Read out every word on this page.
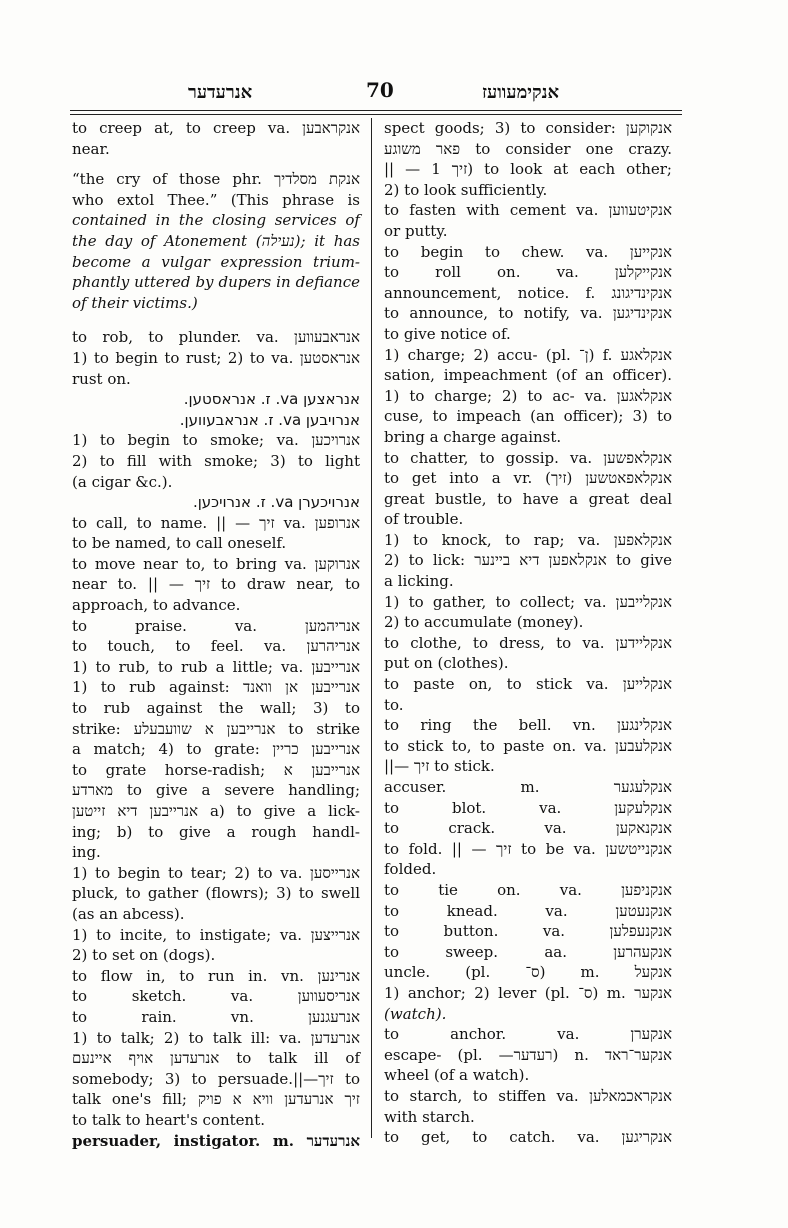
אנרעדער	70	אנקימעוועז
to creep at, to creep va. אנקראבען
near.
“the cry of those phr. אנקת מסלדיך
who extol Thee.” (This phrase is
contained in the closing services of
the day of Atonement (נעילה); it has
become a vulgar expression trium-
phantly uttered by dupers in defiance
of their victims.)
to rob, to plunder. va. אנראבעווען
1) to begin to rust; 2) to va. אנראסטען
rust on.
אנראצען va. ז. אנראסטען.
אנרויבען va. ז. אנראבעווען.
1) to begin to smoke; va. אנרויכען
2) to fill with smoke; 3) to light
(a cigar &c.).
אנרויכערן va. ז. אנרויכען.
to call, to name. || — זיך va. אנרופען
to be named, to call oneself.
to move near to, to bring va. אנרוקען
near to. || — זיך to draw near, to
approach, to advance.
to praise. va. אנריהמען
to touch, to feel. va. אנריהרען
1) to rub, to rub a little; va. אנרייבען
1) to rub against: אנרייבען אן וואנד
to rub against the wall; 3) to
strike: אנרייבען א שוועבעלע to strike
a match; 4) to grate: אנרייבען כריין
to grate horse-radish; אנרייבען א
מארדע to give a severe handling;
אנרייבען דיא זייטען a) to give a lick-
ing; b) to give a rough handl-
ing.
1) to begin to tear; 2) to va. אנרייסען
pluck, to gather (flowrs); 3) to swell
(as an abcess).
1) to incite, to instigate; va. אנרייצען
2) to set on (dogs).
to flow in, to run in. vn. אנרינען
to sketch. va. אנריסעווען
to rain. vn. אנרעגנען
1) to talk; 2) to talk ill: va. אנרעדען
אנרעדען אויף איינעם to talk ill of
somebody; 3) to persuade.||—זיך to
talk one's fill; זיך אנרעדען וויא א פויק
to talk to heart's content.
persuader, instigator. m. אנרעדער
spect goods; 3) to consider: אנקוקען
פאר משוגע to consider one crazy.
|| — זיך 1) to look at each other;
2) to look sufficiently.
to fasten with cement va. אנקיטעווען
or putty.
to begin to chew. va. אנקייען
to roll on. va. אנקייקלען
announcement, notice. f. אנקינדיגונג
to announce, to notify, va. אנקינדיגען
to give notice of.
1) charge; 2) accu- (pl. ן־) f. אנקלאגע
sation, impeachment (of an officer).
1) to charge; 2) to ac- va. אנקלאגען
cuse, to impeach (an officer); 3) to
bring a charge against.
to chatter, to gossip. va. אנקלאפשען
to get into a vr. (זיך) אנקלאפאטשען
great bustle, to have a great deal
of trouble.
1) to knock, to rap; va. אנקלאפען
2) to lick: אנקלאפען דיא ביינער to give
a licking.
1) to gather, to collect; va. אנקלייבען
2) to accumulate (money).
to clothe, to dress, to va. אנקליידען
put on (clothes).
to paste on, to stick va. אנקלייען
to.
to ring the bell. vn. אנקלינגען
to stick to, to paste on. va. אנקלעבען
||— זיך to stick.
accuser. m. אנקלעגער
to blot. va. אנקלעקען
to crack. va. אנקנאקען
to fold. || — זיך to be va. אנקנייטשען
folded.
to tie on. va. אנקניפען
to knead. va. אנקנעטען
to button. va. אנקנעפלען
to sweep. aa. אנקעהרען
uncle. (pl. ס־) m. אנקעל
1) anchor; 2) lever (pl. ס־) m. אנקער
(watch).
to anchor. va. אנקערן
escape- (pl. —רעדער) n. אנקער־ראד
wheel (of a watch).
to starch, to stiffen va. אנקראכמאלען
with starch.
to get, to catch. va. אנקריגען
